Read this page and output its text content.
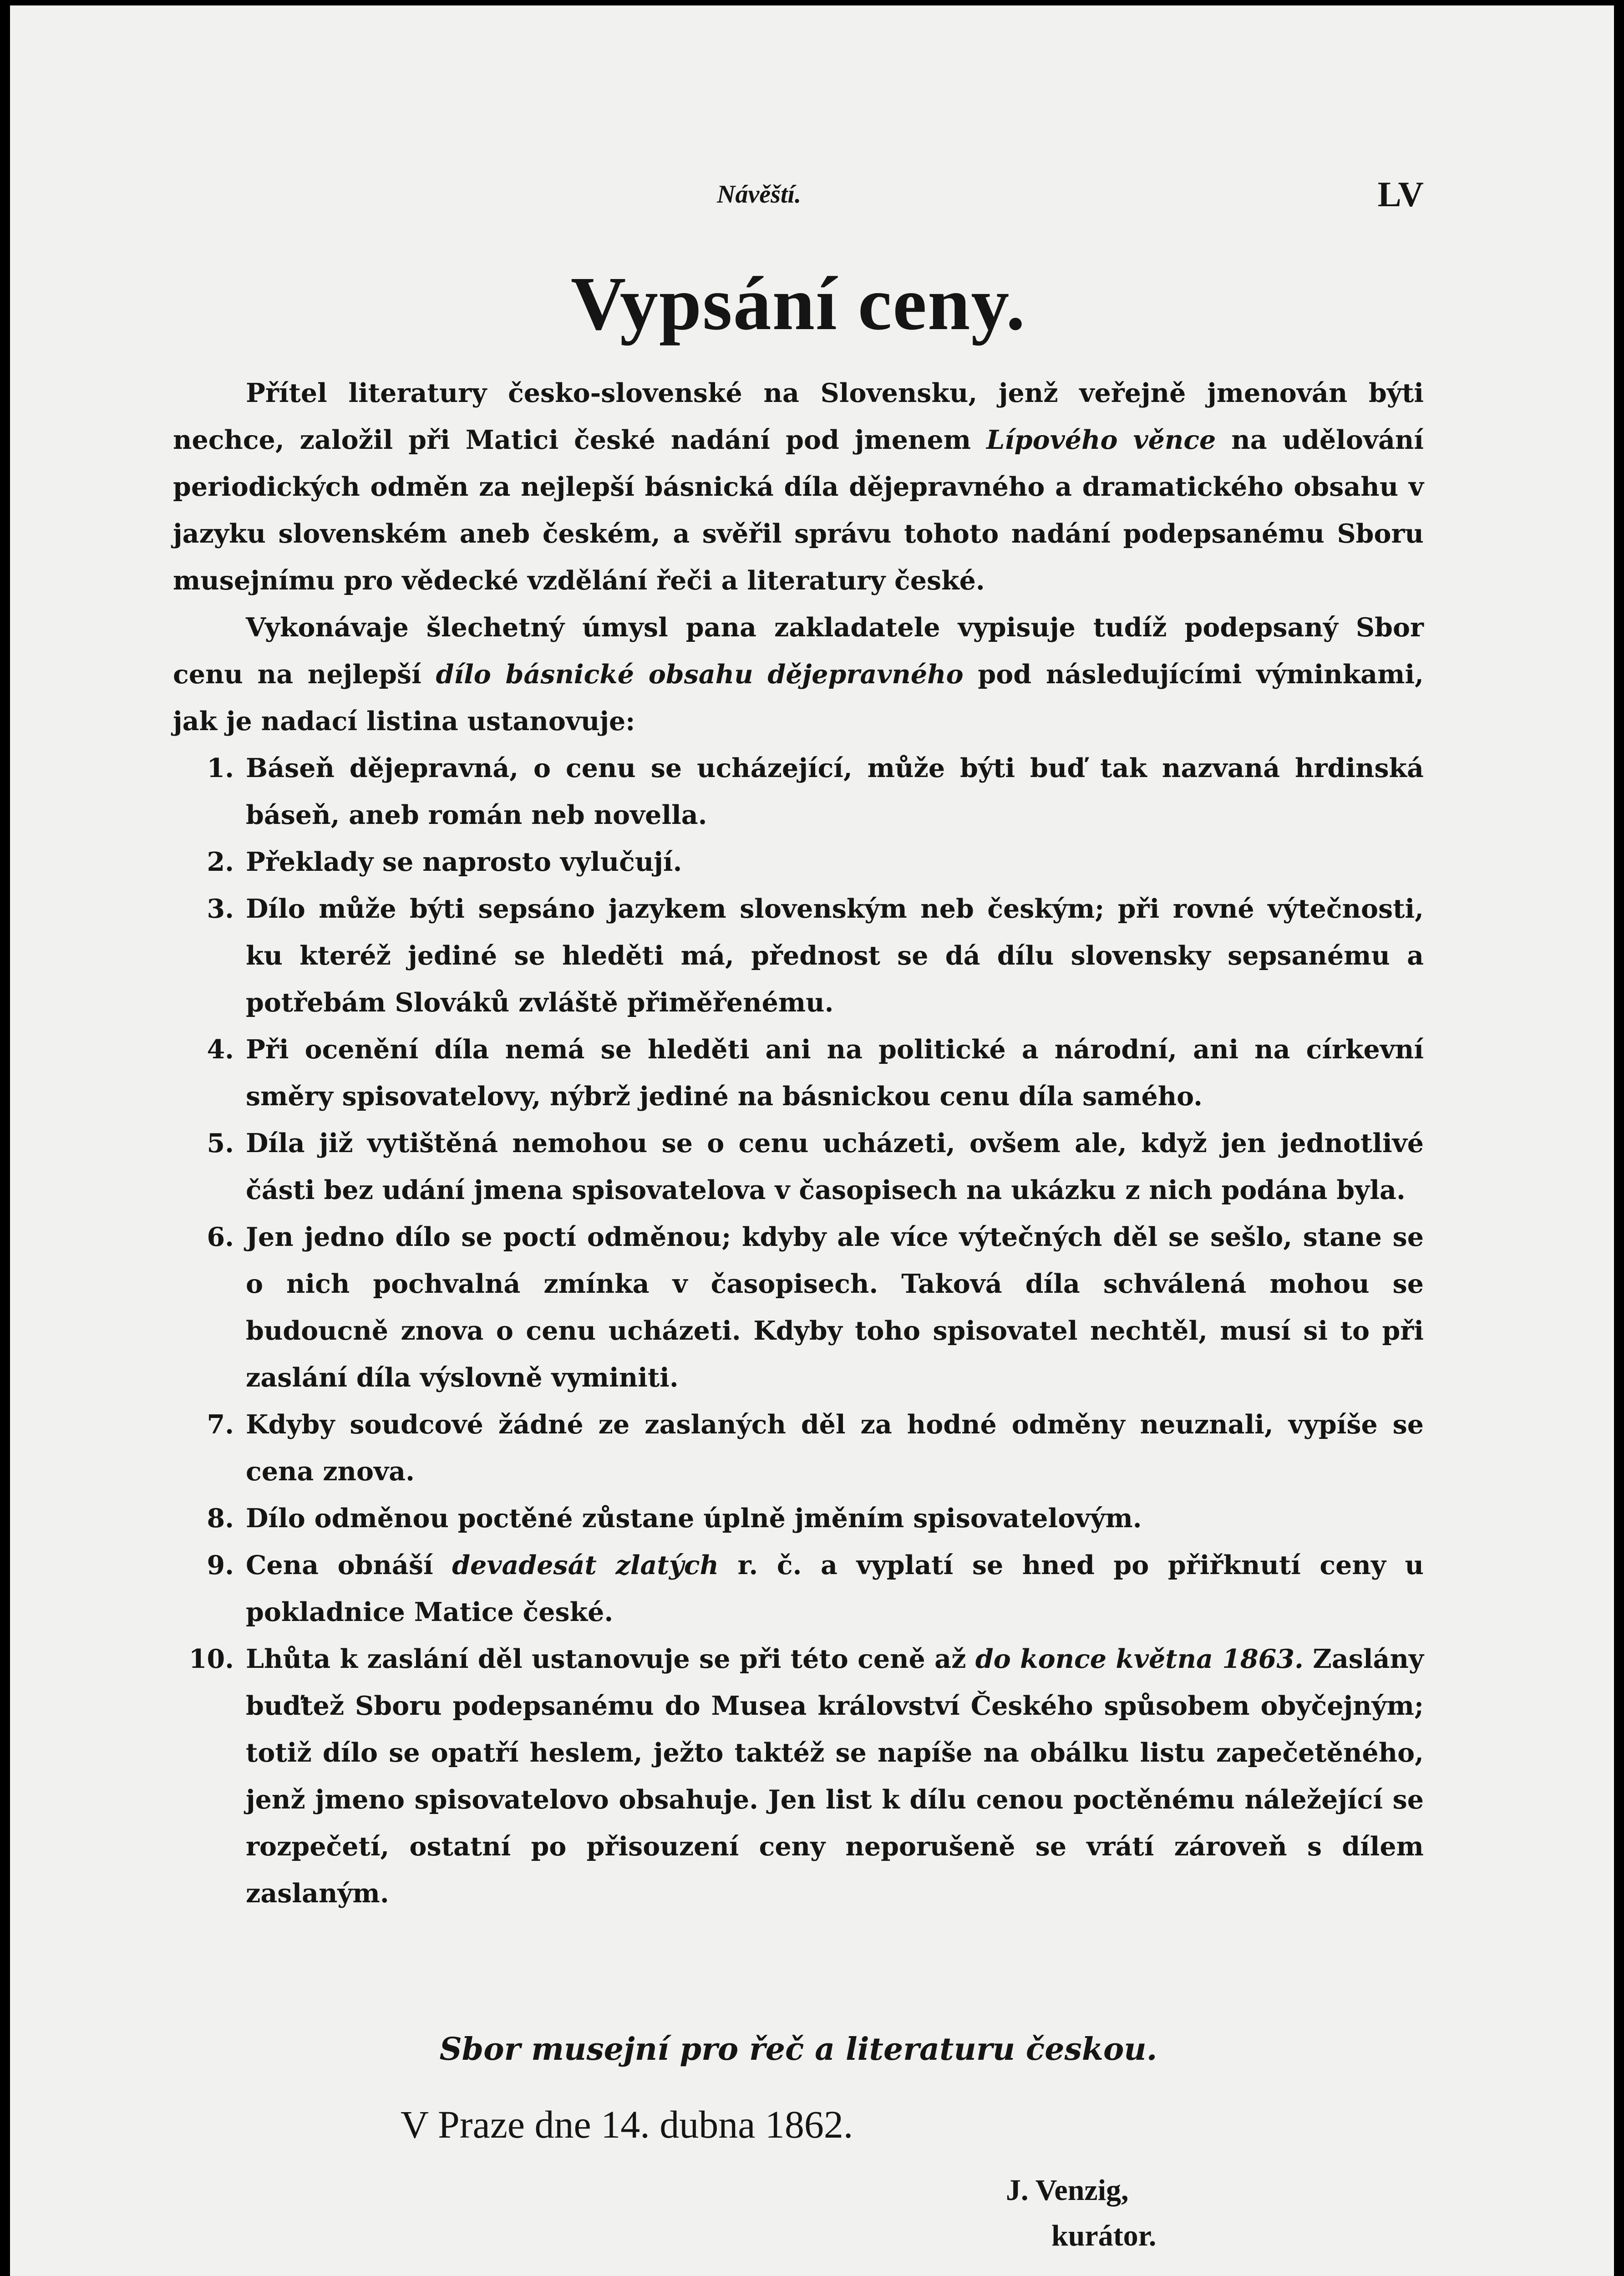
Návěští.	LV
Vypsání ceny.

Přítel literatury česko-slovenské na Slovensku, jenž veřejně jmenován býti nechce, založil při Matici české nadání pod jmenem Lípového věnce na udělování periodických odměn za nejlepší básnická díla dějepravného a dramatického obsahu v jazyku slovenském aneb českém, a svěřil správu tohoto nadání podepsanému Sboru musejnímu pro vědecké vzdělání řeči a literatury české.

Vykonávaje šlechetný úmysl pana zakladatele vypisuje tudíž podepsaný Sbor cenu na nejlepší dílo básnické obsahu dějepravného pod následujícími výminkami, jak je nadací listina ustanovuje:

1. Báseň dějepravná, o cenu se ucházející, může býti buď tak nazvaná hrdinská báseň, aneb román neb novella.
2. Překlady se naprosto vylučují.
3. Dílo může býti sepsáno jazykem slovenským neb českým; při rovné výtečnosti, ku kteréž jediné se hleděti má, přednost se dá dílu slovensky sepsanému a potřebám Slováků zvláště přiměřenému.
4. Při ocenění díla nemá se hleděti ani na politické a národní, ani na církevní směry spisovatelovy, nýbrž jediné na básnickou cenu díla samého.
5. Díla již vytištěná nemohou se o cenu ucházeti, ovšem ale, když jen jednotlivé části bez udání jmena spisovatelova v časopisech na ukázku z nich podána byla.
6. Jen jedno dílo se poctí odměnou; kdyby ale více výtečných děl se sešlo, stane se o nich pochvalná zmínka v časopisech. Taková díla schválená mohou se budoucně znova o cenu ucházeti. Kdyby toho spisovatel nechtěl, musí si to při zaslání díla výslovně vyminiti.
7. Kdyby soudcové žádné ze zaslaných děl za hodné odměny neuznali, vypíše se cena znova.
8. Dílo odměnou poctěné zůstane úplně jměním spisovatelovým.
9. Cena obnáší devadesát zlatých r. č. a vyplatí se hned po přiřknutí ceny u pokladnice Matice české.
10. Lhůta k zaslání děl ustanovuje se při této ceně až do konce května 1863. Zaslány buďtež Sboru podepsanému do Musea království Českého spůsobem obyčejným; totiž dílo se opatří heslem, ježto taktéž se napíše na obálku listu zapečetěného, jenž jmeno spisovatelovo obsahuje. Jen list k dílu cenou poctěnému náležející se rozpečetí, ostatní po přisouzení ceny neporušeně se vrátí zároveň s dílem zaslaným.
Sbor musejní pro řeč a literaturu českou.
V Praze dne 14. dubna 1862.
J. Venzig,
kurátor.
